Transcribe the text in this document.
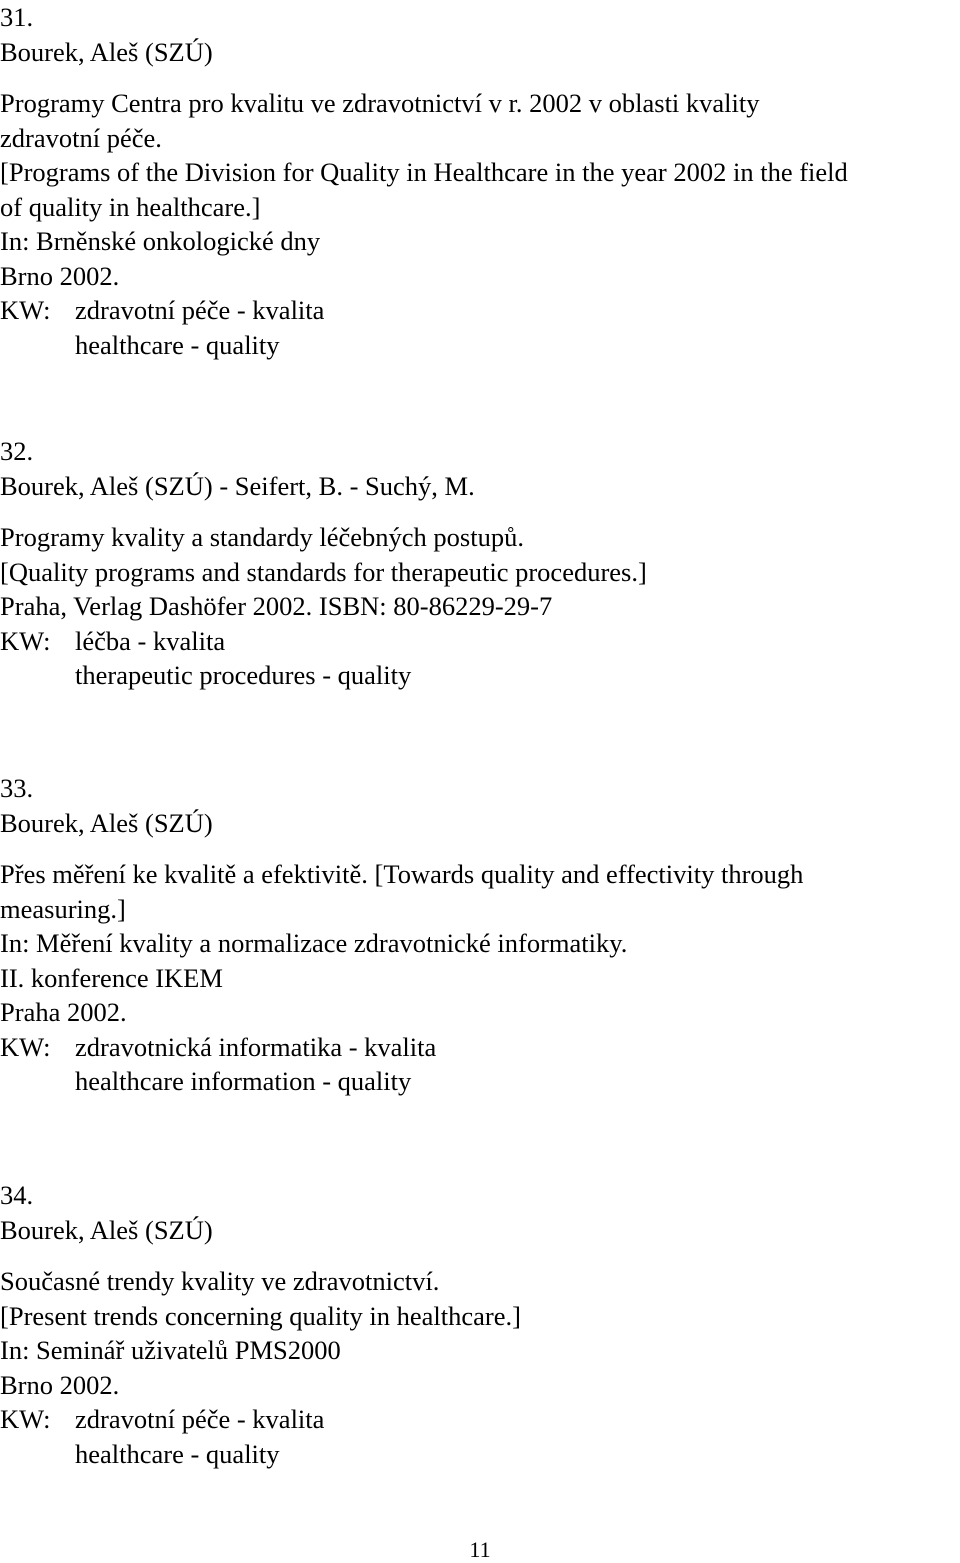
31.
Bourek, Aleš (SZÚ)
Programy Centra pro kvalitu ve zdravotnictví v r. 2002 v oblasti kvality
zdravotní péče.
[Programs of the Division for Quality in Healthcare in the year 2002 in the field
of quality in healthcare.]
In: Brněnské onkologické dny
Brno 2002.
KW: zdravotní péče - kvalita
healthcare - quality
32.
Bourek, Aleš (SZÚ) - Seifert, B. - Suchý, M.
Programy kvality a standardy léčebných postupů.
[Quality programs and standards for therapeutic procedures.]
Praha, Verlag Dashöfer 2002. ISBN: 80-86229-29-7
KW: léčba - kvalita
therapeutic procedures - quality
33.
Bourek, Aleš (SZÚ)
Přes měření ke kvalitě a efektivitě. [Towards quality and effectivity through
measuring.]
In: Měření kvality a normalizace zdravotnické informatiky.
II. konference IKEM
Praha 2002.
KW: zdravotnická informatika - kvalita
healthcare information - quality
34.
Bourek, Aleš (SZÚ)
Současné trendy kvality ve zdravotnictví.
[Present trends concerning quality in healthcare.]
In: Seminář uživatelů PMS2000
Brno 2002.
KW: zdravotní péče - kvalita
healthcare - quality
11
